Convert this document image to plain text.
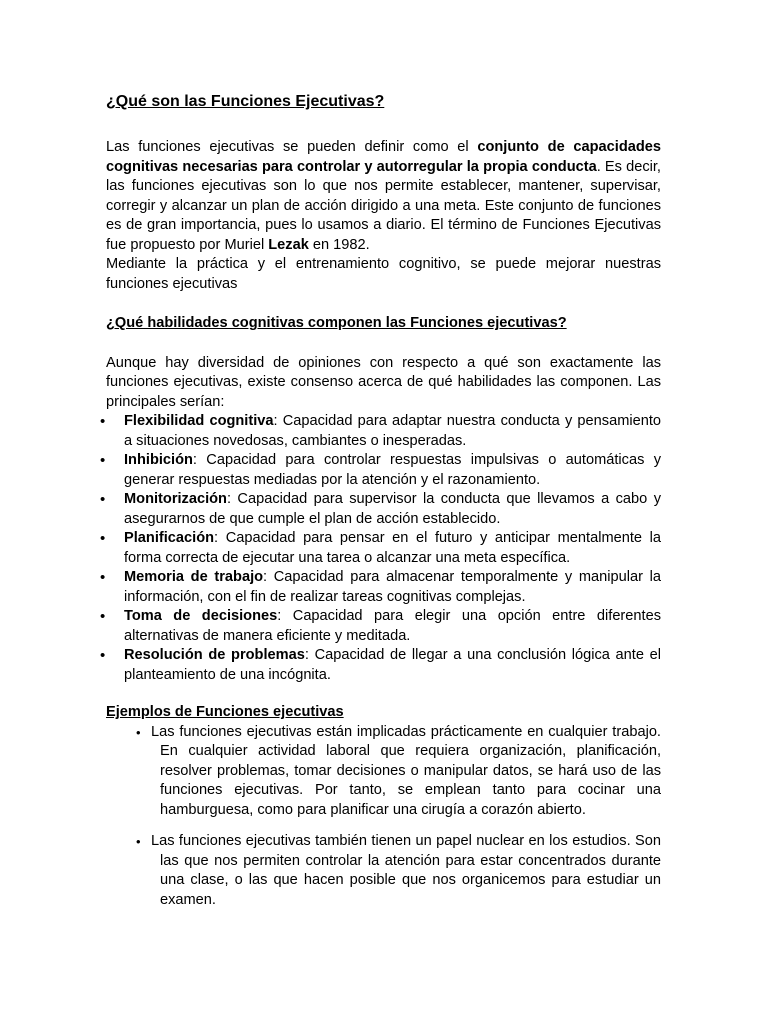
¿Qué son las Funciones Ejecutivas?

Las funciones ejecutivas se pueden definir como el conjunto de capacidades cognitivas necesarias para controlar y autorregular la propia conducta. Es decir, las funciones ejecutivas son lo que nos permite establecer, mantener, supervisar, corregir y alcanzar un plan de acción dirigido a una meta. Este conjunto de funciones es de gran importancia, pues lo usamos a diario. El término de Funciones Ejecutivas fue propuesto por Muriel Lezak en 1982.

Mediante la práctica y el entrenamiento cognitivo, se puede mejorar nuestras funciones ejecutivas

¿Qué habilidades cognitivas componen las Funciones ejecutivas?

Aunque hay diversidad de opiniones con respecto a qué son exactamente las funciones ejecutivas, existe consenso acerca de qué habilidades las componen. Las principales serían:

• Flexibilidad cognitiva: Capacidad para adaptar nuestra conducta y pensamiento a situaciones novedosas, cambiantes o inesperadas.
• Inhibición: Capacidad para controlar respuestas impulsivas o automáticas y generar respuestas mediadas por la atención y el razonamiento.
• Monitorización: Capacidad para supervisor la conducta que llevamos a cabo y asegurarnos de que cumple el plan de acción establecido.
• Planificación: Capacidad para pensar en el futuro y anticipar mentalmente la forma correcta de ejecutar una tarea o alcanzar una meta específica.
• Memoria de trabajo: Capacidad para almacenar temporalmente y manipular la información, con el fin de realizar tareas cognitivas complejas.
• Toma de decisiones: Capacidad para elegir una opción entre diferentes alternativas de manera eficiente y meditada.
• Resolución de problemas: Capacidad de llegar a una conclusión lógica ante el planteamiento de una incógnita.
Ejemplos de Funciones ejecutivas
• Las funciones ejecutivas están implicadas prácticamente en cualquier trabajo. En cualquier actividad laboral que requiera organización, planificación, resolver problemas, tomar decisiones o manipular datos, se hará uso de las funciones ejecutivas. Por tanto, se emplean tanto para cocinar una hamburguesa, como para planificar una cirugía a corazón abierto.
• Las funciones ejecutivas también tienen un papel nuclear en los estudios. Son las que nos permiten controlar la atención para estar concentrados durante una clase, o las que hacen posible que nos organicemos para estudiar un examen.
